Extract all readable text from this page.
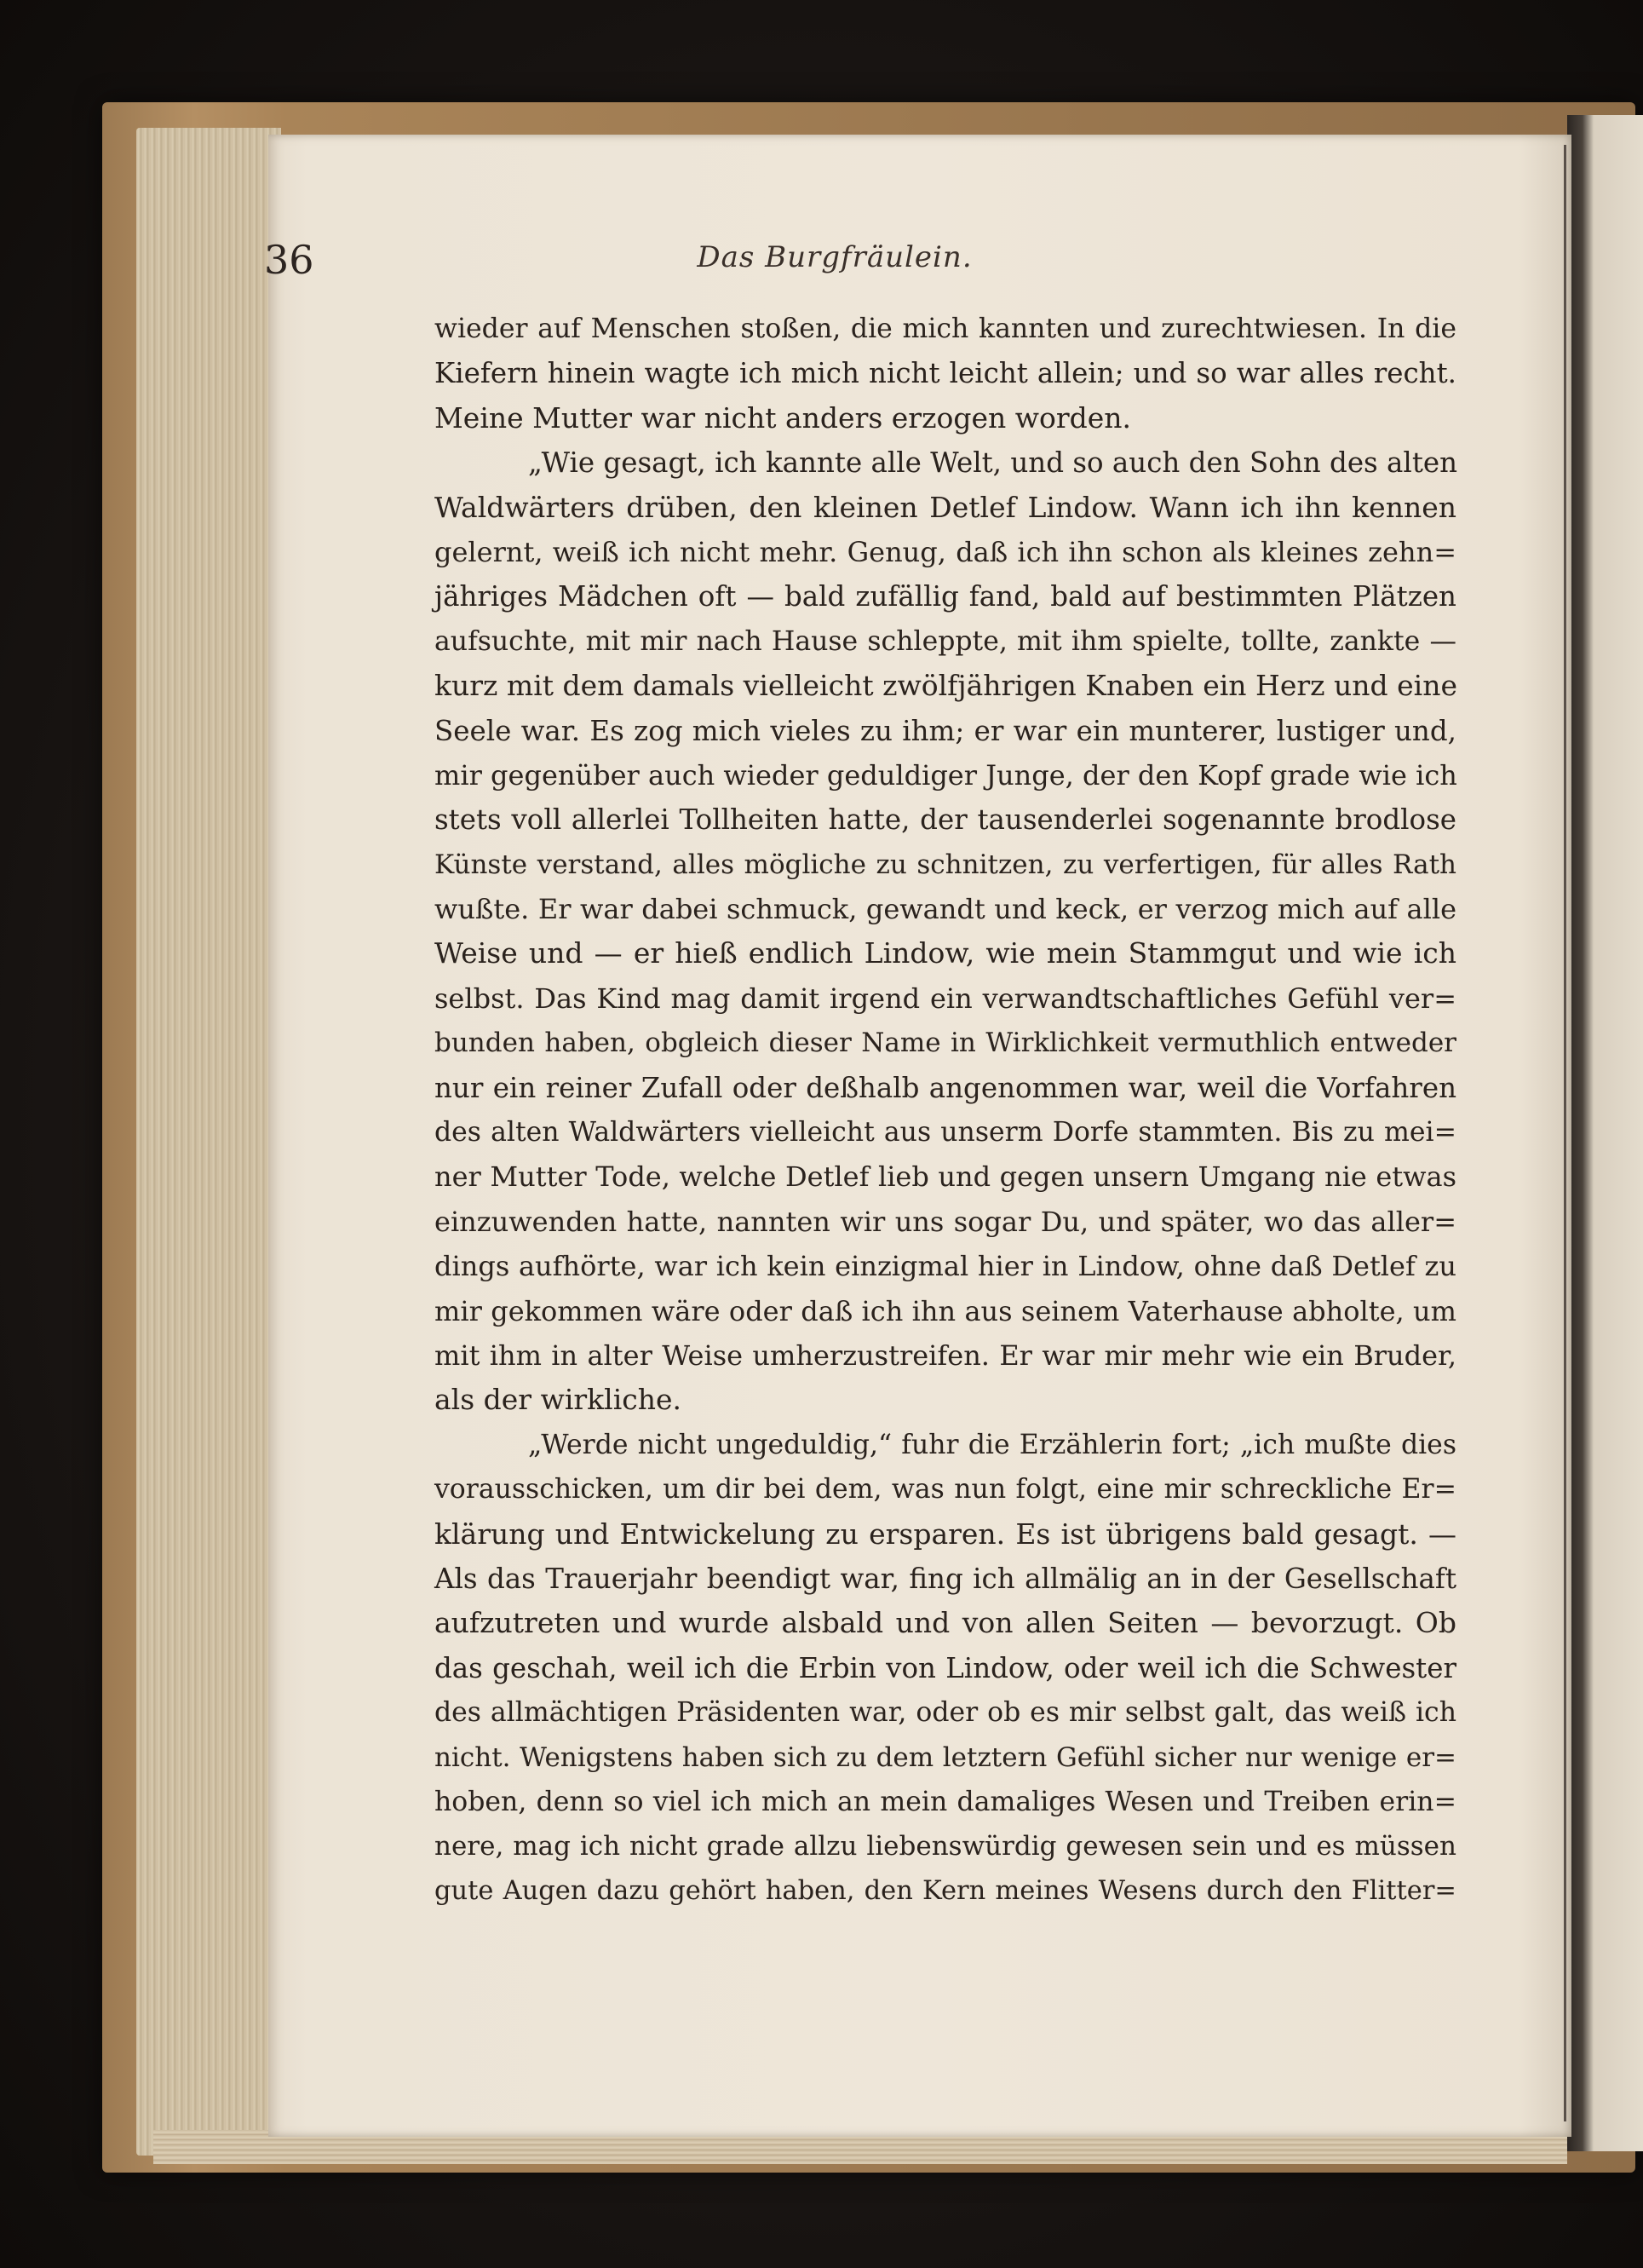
36	Das Burgfräulein.
wieder auf Menschen stoßen, die mich kannten und zurechtwiesen. In die
Kiefern hinein wagte ich mich nicht leicht allein; und so war alles recht.
Meine Mutter war nicht anders erzogen worden.
„Wie gesagt, ich kannte alle Welt, und so auch den Sohn des alten
Waldwärters drüben, den kleinen Detlef Lindow. Wann ich ihn kennen
gelernt, weiß ich nicht mehr. Genug, daß ich ihn schon als kleines zehn=
jähriges Mädchen oft — bald zufällig fand, bald auf bestimmten Plätzen
aufsuchte, mit mir nach Hause schleppte, mit ihm spielte, tollte, zankte —
kurz mit dem damals vielleicht zwölfjährigen Knaben ein Herz und eine
Seele war. Es zog mich vieles zu ihm; er war ein munterer, lustiger und,
mir gegenüber auch wieder geduldiger Junge, der den Kopf grade wie ich
stets voll allerlei Tollheiten hatte, der tausenderlei sogenannte brodlose
Künste verstand, alles mögliche zu schnitzen, zu verfertigen, für alles Rath
wußte. Er war dabei schmuck, gewandt und keck, er verzog mich auf alle
Weise und — er hieß endlich Lindow, wie mein Stammgut und wie ich
selbst. Das Kind mag damit irgend ein verwandtschaftliches Gefühl ver=
bunden haben, obgleich dieser Name in Wirklichkeit vermuthlich entweder
nur ein reiner Zufall oder deßhalb angenommen war, weil die Vorfahren
des alten Waldwärters vielleicht aus unserm Dorfe stammten. Bis zu mei=
ner Mutter Tode, welche Detlef lieb und gegen unsern Umgang nie etwas
einzuwenden hatte, nannten wir uns sogar Du, und später, wo das aller=
dings aufhörte, war ich kein einzigmal hier in Lindow, ohne daß Detlef zu
mir gekommen wäre oder daß ich ihn aus seinem Vaterhause abholte, um
mit ihm in alter Weise umherzustreifen. Er war mir mehr wie ein Bruder,
als der wirkliche.
„Werde nicht ungeduldig,“ fuhr die Erzählerin fort; „ich mußte dies
vorausschicken, um dir bei dem, was nun folgt, eine mir schreckliche Er=
klärung und Entwickelung zu ersparen. Es ist übrigens bald gesagt. —
Als das Trauerjahr beendigt war, fing ich allmälig an in der Gesellschaft
aufzutreten und wurde alsbald und von allen Seiten — bevorzugt. Ob
das geschah, weil ich die Erbin von Lindow, oder weil ich die Schwester
des allmächtigen Präsidenten war, oder ob es mir selbst galt, das weiß ich
nicht. Wenigstens haben sich zu dem letztern Gefühl sicher nur wenige er=
hoben, denn so viel ich mich an mein damaliges Wesen und Treiben erin=
nere, mag ich nicht grade allzu liebenswürdig gewesen sein und es müssen
gute Augen dazu gehört haben, den Kern meines Wesens durch den Flitter=
